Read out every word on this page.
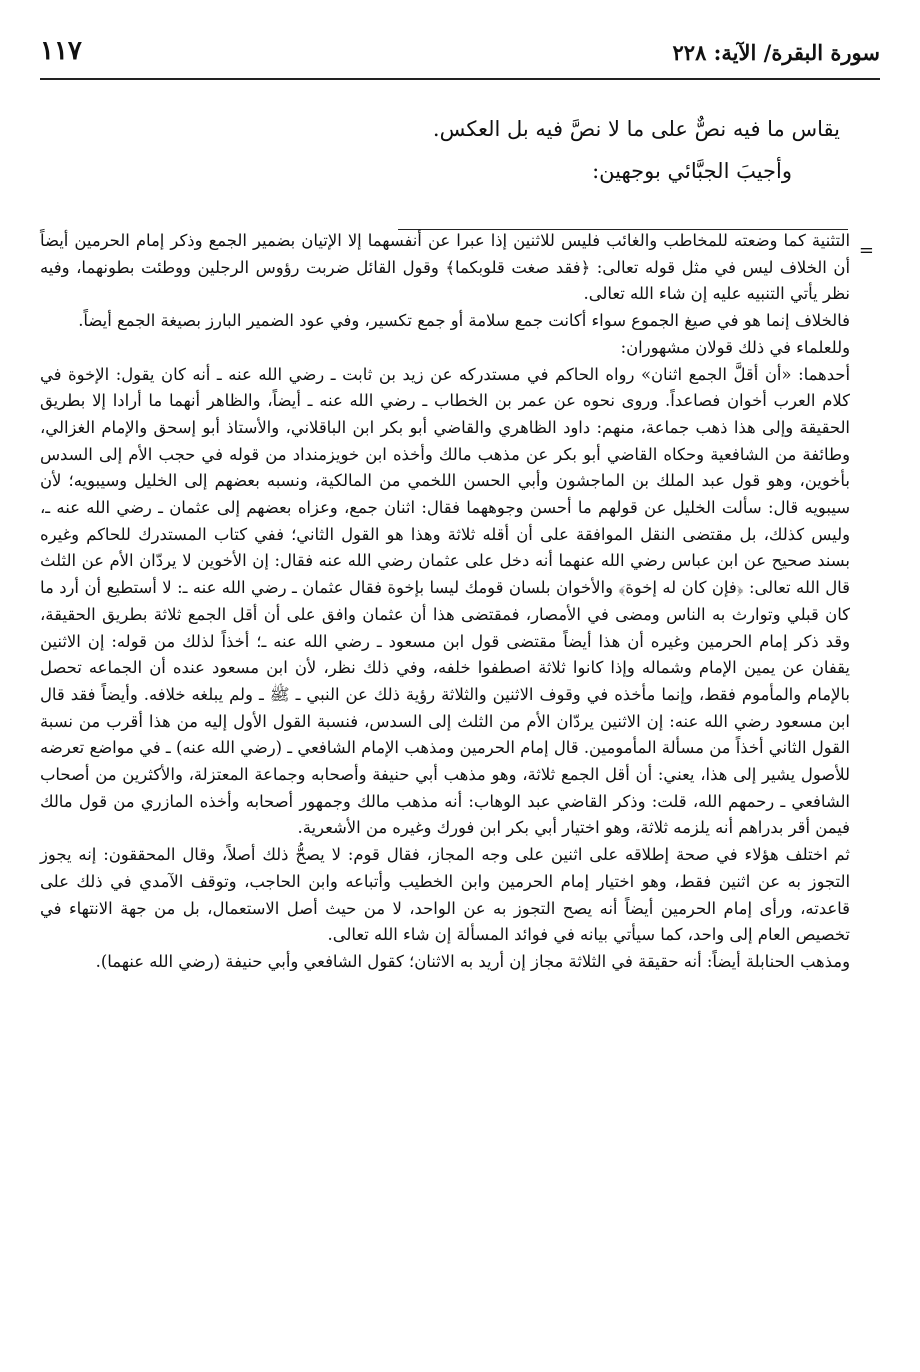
سورة البقرة/ الآية: ٢٢٨
١١٧

يقاس ما فيه نصٌّ على ما لا نصَّ فيه بل العكس.

وأجيبَ الجبَّائي بوجهين:

=

التثنية كما وضعته للمخاطب والغائب فليس للاثنين إذا عبرا عن أنفسهما إلا الإتيان بضمير الجمع وذكر إمام الحرمين أيضاً أن الخلاف ليس في مثل قوله تعالى: ﴿فقد صغت قلوبكما﴾ وقول القائل ضربت رؤوس الرجلين ووطئت بطونهما، وفيه نظر يأتي التنبيه عليه إن شاء الله تعالى.

فالخلاف إنما هو في صيغ الجموع سواء أكانت جمع سلامة أو جمع تكسير، وفي عود الضمير البارز بصيغة الجمع أيضاً.

وللعلماء في ذلك قولان مشهوران:

أحدهما: «أن أقلَّ الجمع اثنان» رواه الحاكم في مستدركه عن زيد بن ثابت ـ رضي الله عنه ـ أنه كان يقول: الإخوة في كلام العرب أخوان فصاعداً. وروى نحوه عن عمر بن الخطاب ـ رضي الله عنه ـ أيضاً، والظاهر أنهما ما أرادا إلا بطريق الحقيقة وإلى هذا ذهب جماعة، منهم: داود الظاهري والقاضي أبو بكر ابن الباقلاني، والأستاذ أبو إسحق والإمام الغزالي، وطائفة من الشافعية وحكاه القاضي أبو بكر عن مذهب مالك وأخذه ابن خويزمنداد من قوله في حجب الأم إلى السدس بأخوين، وهو قول عبد الملك بن الماجشون وأبي الحسن اللخمي من المالكية، ونسبه بعضهم إلى الخليل وسيبويه؛ لأن سيبويه قال: سألت الخليل عن قولهم ما أحسن وجوههما فقال: اثنان جمع، وعزاه بعضهم إلى عثمان ـ رضي الله عنه ـ، وليس كذلك، بل مقتضى النقل الموافقة على أن أقله ثلاثة وهذا هو القول الثاني؛ ففي كتاب المستدرك للحاكم وغيره بسند صحيح عن ابن عباس رضي الله عنهما أنه دخل على عثمان رضي الله عنه فقال: إن الأخوين لا يردّان الأم عن الثلث قال الله تعالى: ﴿فإن كان له إخوة﴾ والأخوان بلسان قومك ليسا بإخوة فقال عثمان ـ رضي الله عنه ـ: لا أستطيع أن أرد ما كان قبلي وتوارث به الناس ومضى في الأمصار، فمقتضى هذا أن عثمان وافق على أن أقل الجمع ثلاثة بطريق الحقيقة، وقد ذكر إمام الحرمين وغيره أن هذا أيضاً مقتضى قول ابن مسعود ـ رضي الله عنه ـ؛ أخذاً لذلك من قوله: إن الاثنين يقفان عن يمين الإمام وشماله وإذا كانوا ثلاثة اصطفوا خلفه، وفي ذلك نظر، لأن ابن مسعود عنده أن الجماعه تحصل بالإمام والمأموم فقط، وإنما مأخذه في وقوف الاثنين والثلاثة رؤية ذلك عن النبي ـ ﷺ ـ ولم يبلغه خلافه. وأيضاً فقد قال ابن مسعود رضي الله عنه: إن الاثنين يردّان الأم من الثلث إلى السدس، فنسبة القول الأول إليه من هذا أقرب من نسبة القول الثاني أخذاً من مسألة المأمومين. قال إمام الحرمين ومذهب الإمام الشافعي ـ (رضي الله عنه) ـ في مواضع تعرضه للأصول يشير إلى هذا، يعني: أن أقل الجمع ثلاثة، وهو مذهب أبي حنيفة وأصحابه وجماعة المعتزلة، والأكثرين من أصحاب الشافعي ـ رحمهم الله، قلت: وذكر القاضي عبد الوهاب: أنه مذهب مالك وجمهور أصحابه وأخذه المازري من قول مالك فيمن أقر بدراهم أنه يلزمه ثلاثة، وهو اختيار أبي بكر ابن فورك وغيره من الأشعرية.

ثم اختلف هؤلاء في صحة إطلاقه على اثنين على وجه المجاز، فقال قوم: لا يصحُّ ذلك أصلاً، وقال المحققون: إنه يجوز التجوز به عن اثنين فقط، وهو اختيار إمام الحرمين وابن الخطيب وأتباعه وابن الحاجب، وتوقف الآمدي في ذلك على قاعدته، ورأى إمام الحرمين أيضاً أنه يصح التجوز به عن الواحد، لا من حيث أصل الاستعمال، بل من جهة الانتهاء في تخصيص العام إلى واحد، كما سيأتي بيانه في فوائد المسألة إن شاء الله تعالى.

ومذهب الحنابلة أيضاً: أنه حقيقة في الثلاثة مجاز إن أريد به الاثنان؛ كقول الشافعي وأبي حنيفة (رضي الله عنهما).
